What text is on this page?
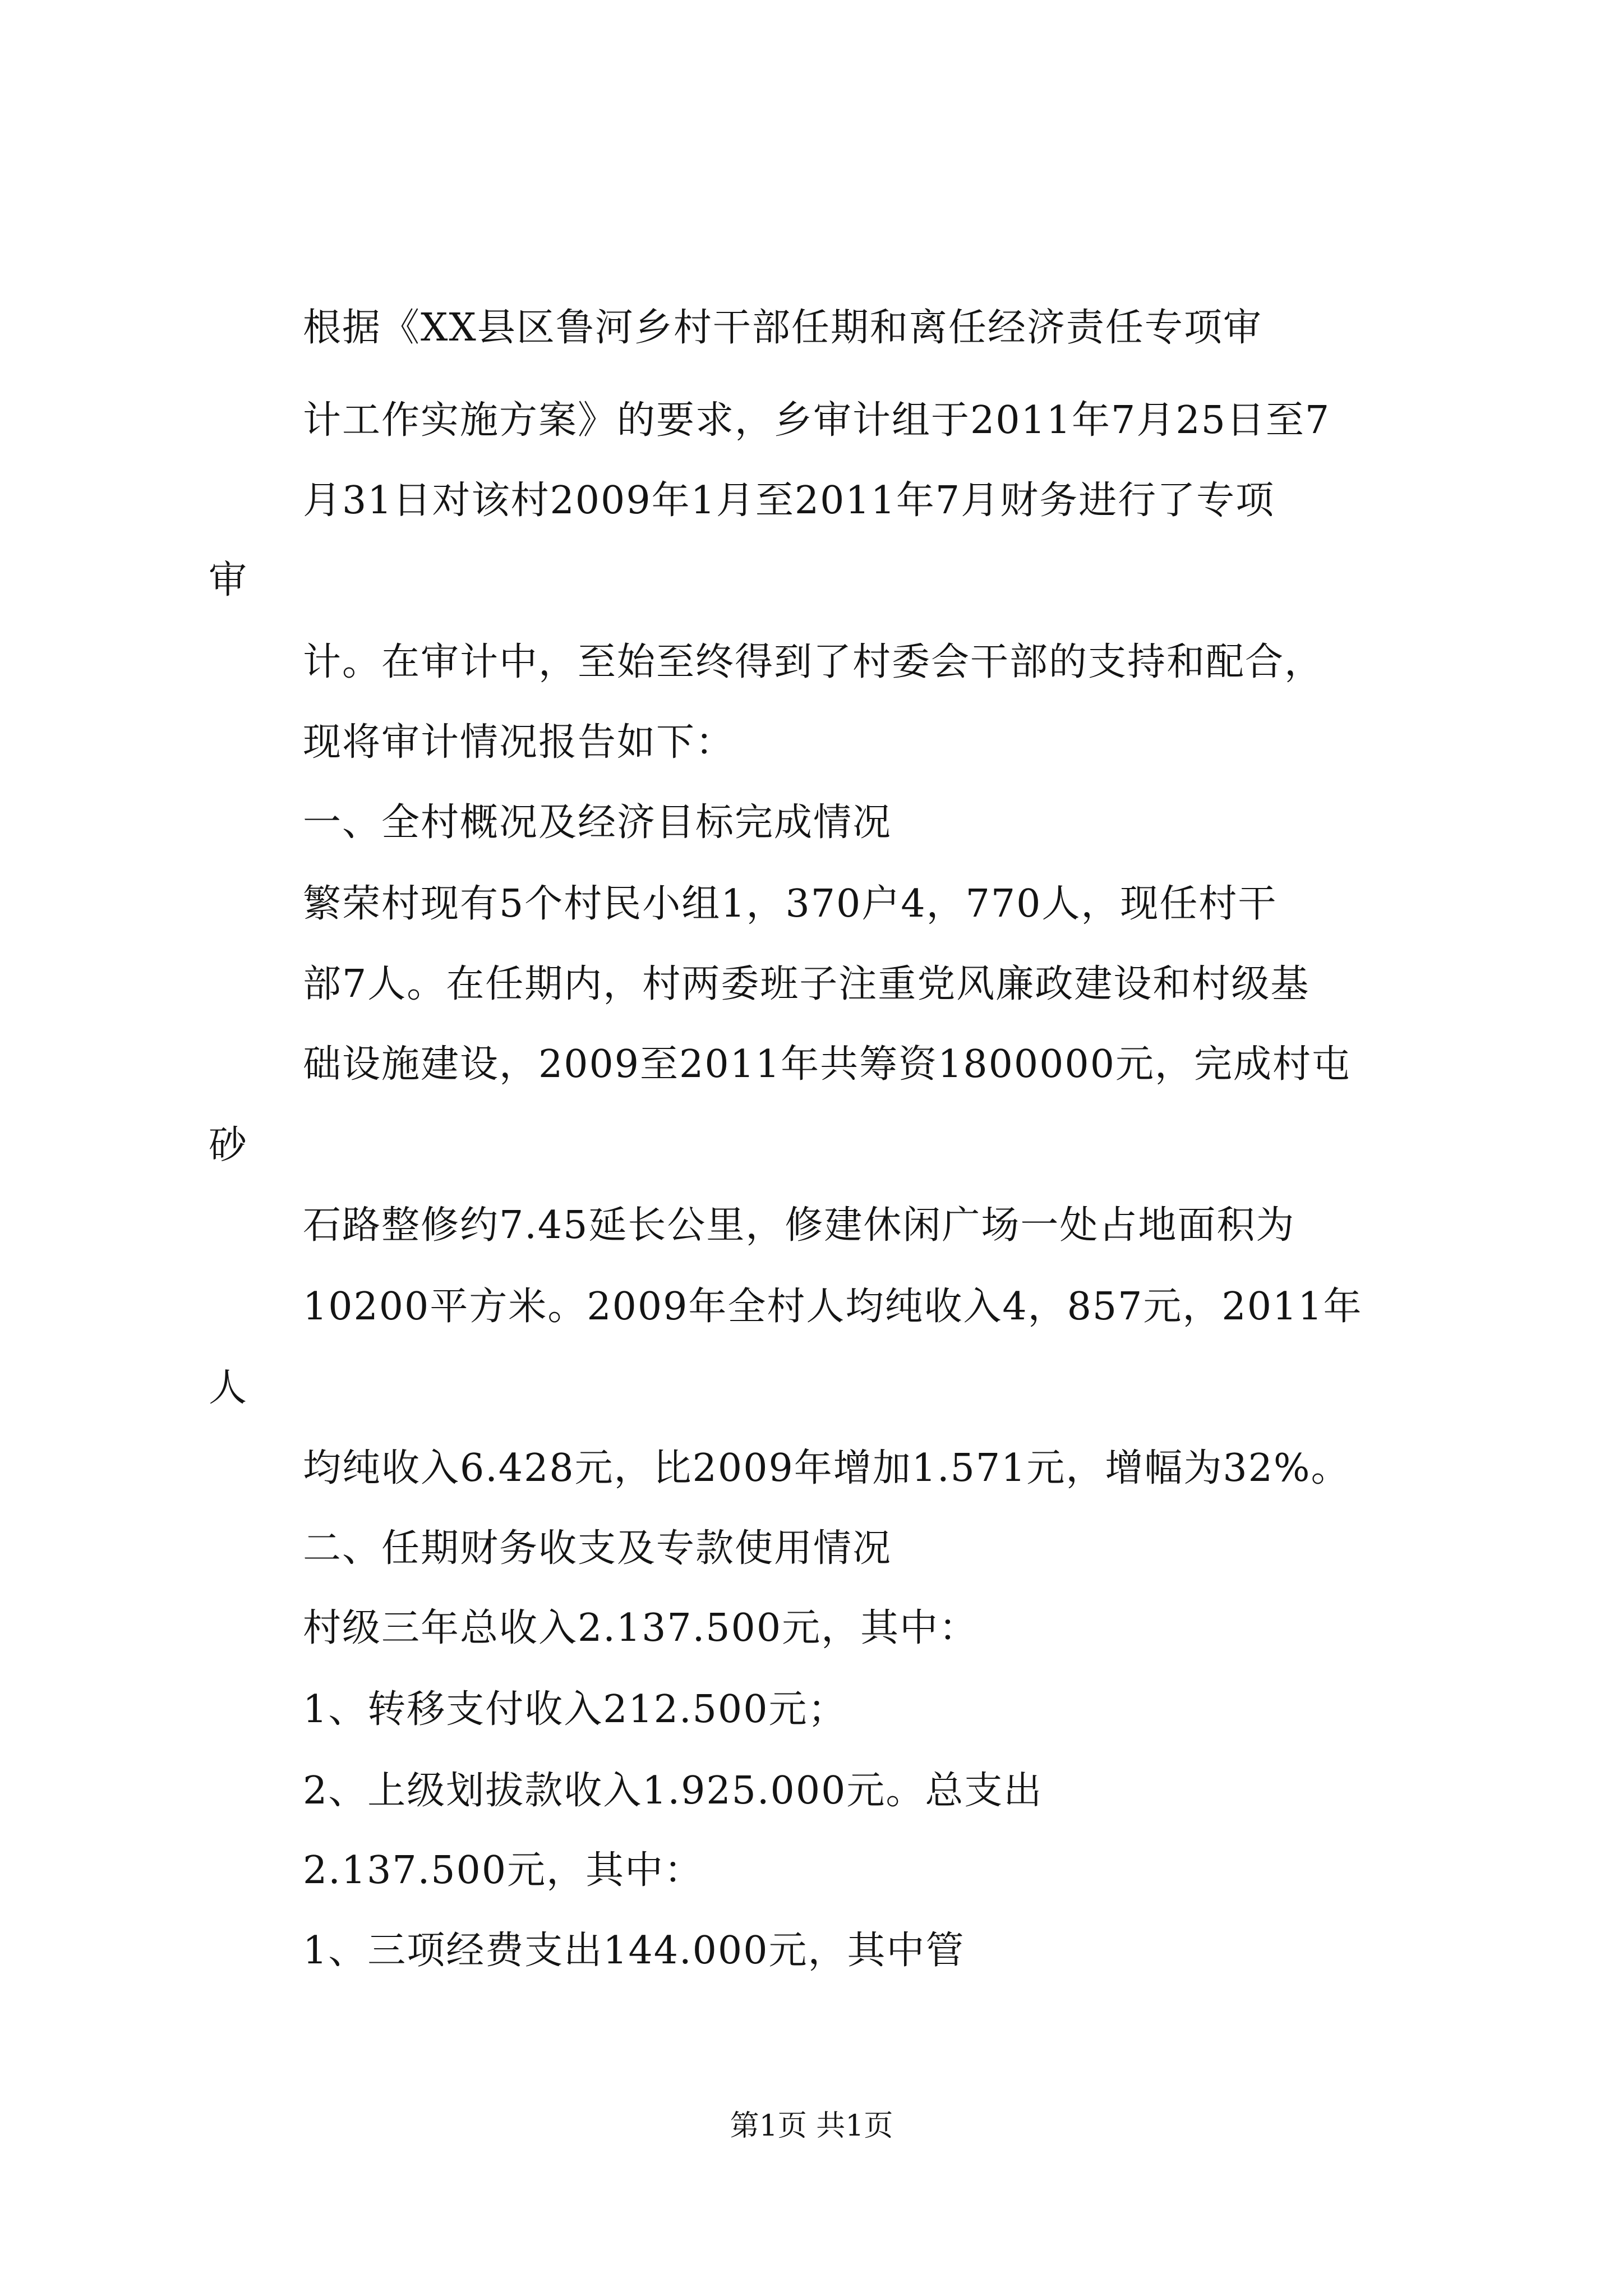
根据《XX县区鲁河乡村干部任期和离任经济责任专项审
计工作实施方案》的要求，乡审计组于2011年7月25日至7
月31日对该村2009年1月至2011年7月财务进行了专项
审
计。在审计中，至始至终得到了村委会干部的支持和配合，
现将审计情况报告如下：
一、全村概况及经济目标完成情况
繁荣村现有5个村民小组1，370户4，770人，现任村干
部7人。在任期内，村两委班子注重党风廉政建设和村级基
础设施建设，2009至2011年共筹资1800000元，完成村屯
砂
石路整修约7.45延长公里，修建休闲广场一处占地面积为
10200平方米。2009年全村人均纯收入4，857元，2011年
人
均纯收入6.428元，比2009年增加1.571元，增幅为32%。
二、任期财务收支及专款使用情况
村级三年总收入2.137.500元，其中：
1、转移支付收入212.500元；
2、上级划拔款收入1.925.000元。总支出
2.137.500元，其中：
1、三项经费支出144.000元，其中管
第1页 共1页
